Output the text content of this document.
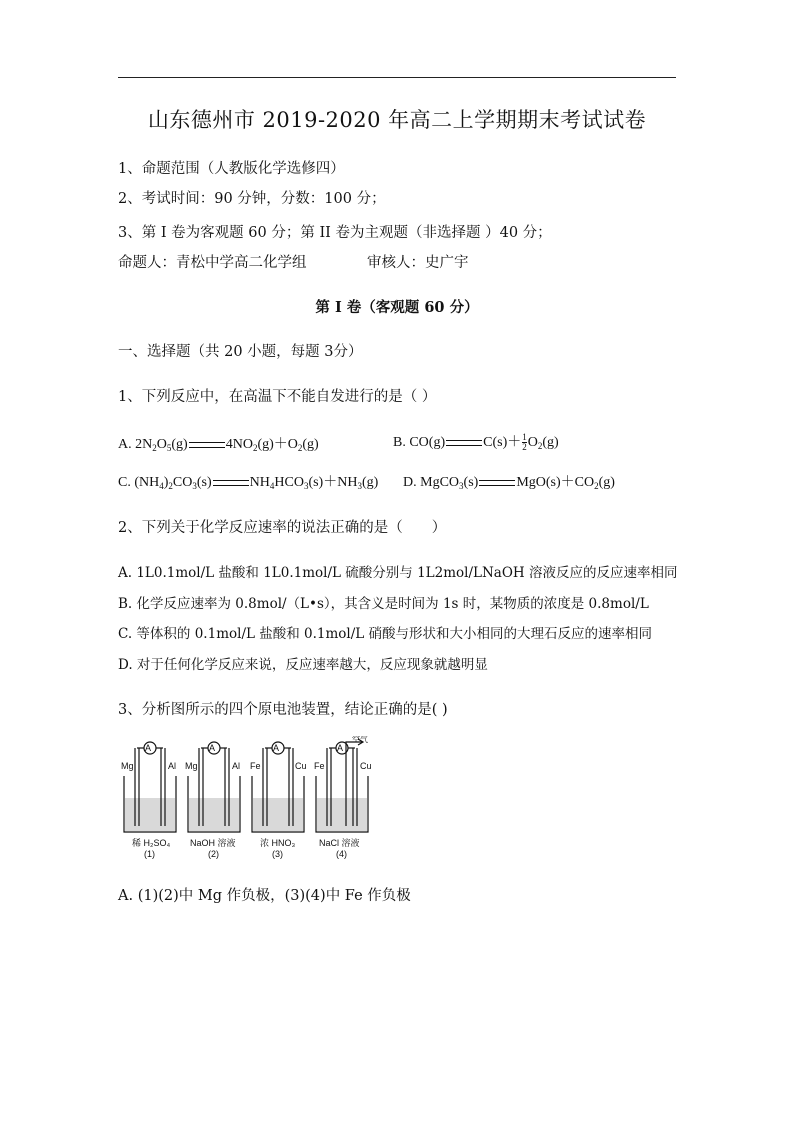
山东德州市 2019-2020 年高二上学期期末考试试卷
1、命题范围（人教版化学选修四）
2、考试时间：90 分钟，分数：100 分；
3、第 I 卷为客观题 60 分；第 II 卷为主观题（非选择题 ）40 分；
命题人：青松中学高二化学组	审核人：史广宇
第 I 卷（客观题 60 分）
一、选择题（共 20 小题，每题 3分）
1、下列反应中，在高温下不能自发进行的是（ ）
A. $2N_2O_5(g)$	$4NO_2(g)+O_2(g)$	B. CO(g)	$C(s)+ \frac{1}{2} O_2(g)$
C. $(NH_4)_2CO_3(s)$	$NH_4HCO_3(s)+NH_3(g)$ D. MgCO$_3$(s)	$MgO(s)+CO_2(g)$
2、下列关于化学反应速率的说法正确的是（　　）
A. 1L0.1mol/L 盐酸和 1L0.1mol/L 硫酸分别与 1L2mol/LNaOH 溶液反应的反应速率相同
B. 化学反应速率为 0.8mol/（L•s），其含义是时间为 1s 时，某物质的浓度是 0.8mol/L
C. 等体积的 0.1mol/L 盐酸和 0.1mol/L 硝酸与形状和大小相同的大理石反应的速率相同
D. 对于任何化学反应来说，反应速率越大，反应现象就越明显
3、分析图所示的四个原电池装置，结论正确的是( )
A	A	A	A
Mg	Al Mg	Al Fe	Cu Fe	Cu
空气
稀 H₂SO₄
(1)
NaOH 溶液
(2)
浓 HNO₃
(3)
NaCl 溶液
(4)
A. (1)(2)中 Mg 作负极，(3)(4)中 Fe 作负极
